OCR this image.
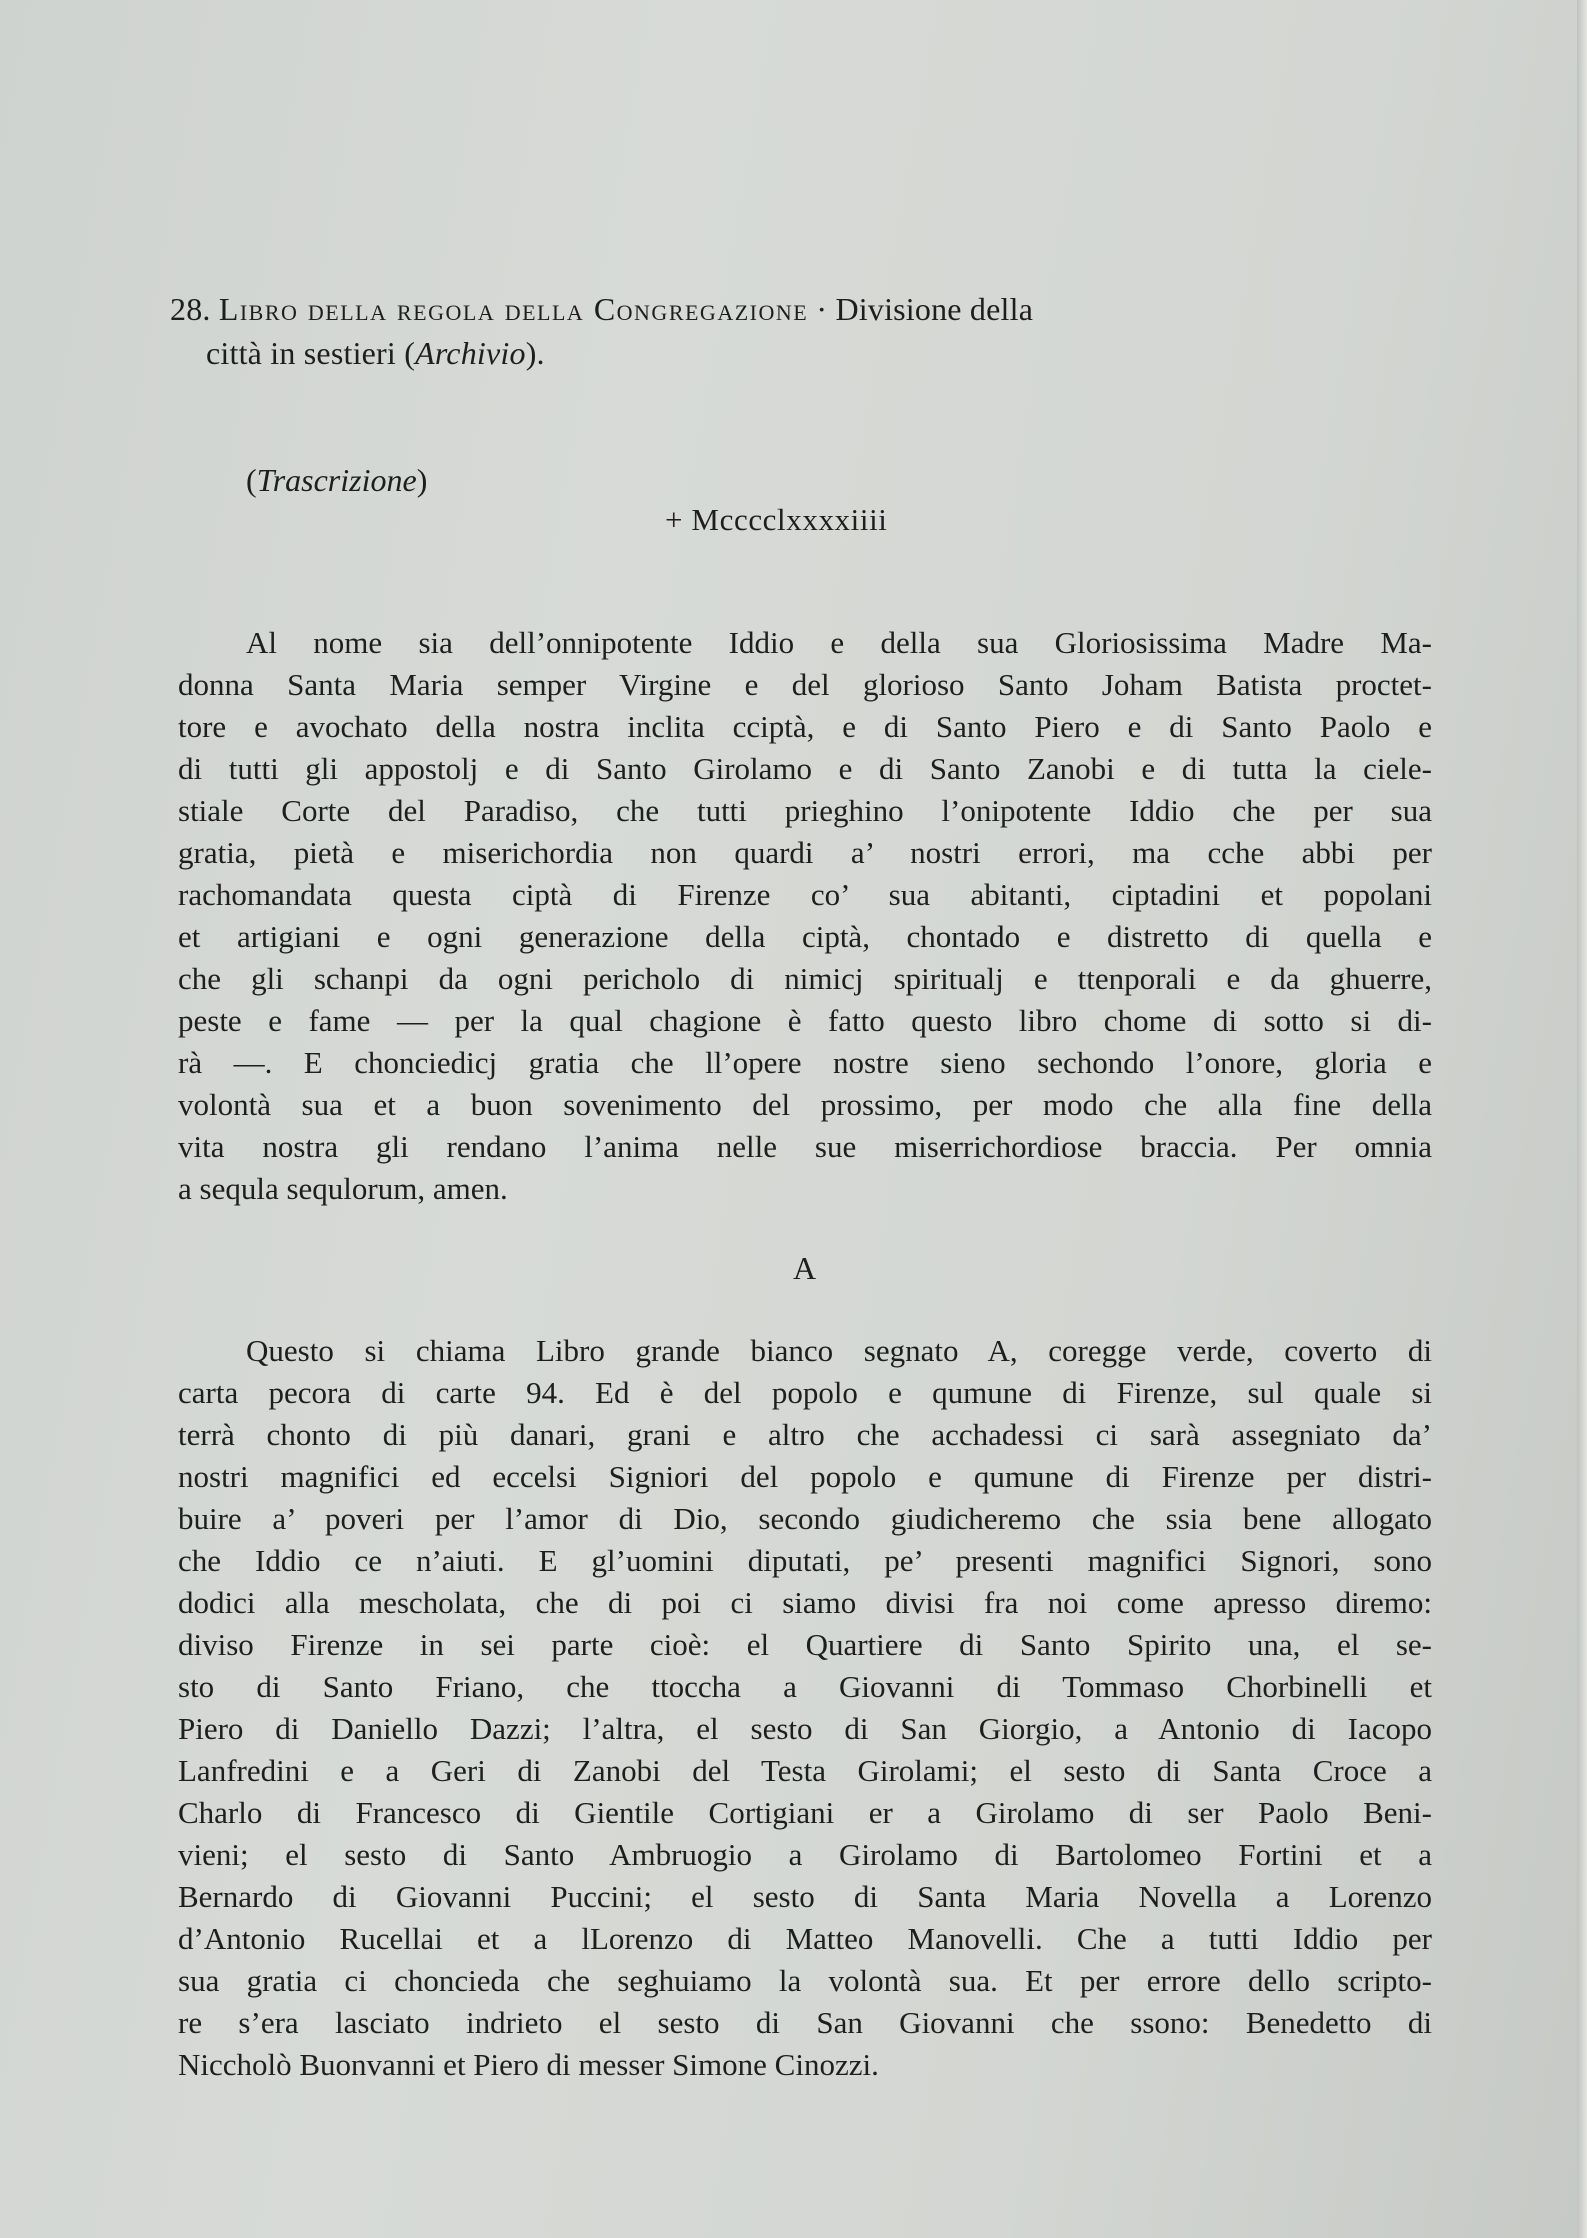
28. Libro della regola della Congregazione · Divisione della
città in sestieri (Archivio).
(Trascrizione)
+ Mcccclxxxxiiii
Al nome sia dell’onnipotente Iddio e della sua Gloriosissima Madre Ma-
donna Santa Maria semper Virgine e del glorioso Santo Joham Batista proctet-
tore e avochato della nostra inclita cciptà, e di Santo Piero e di Santo Paolo e
di tutti gli appostolj e di Santo Girolamo e di Santo Zanobi e di tutta la ciele-
stiale Corte del Paradiso, che tutti prieghino l’onipotente Iddio che per sua
gratia, pietà e miserichordia non quardi a’ nostri errori, ma cche abbi per
rachomandata questa ciptà di Firenze co’ sua abitanti, ciptadini et popolani
et artigiani e ogni generazione della ciptà, chontado e distretto di quella e
che gli schanpi da ogni pericholo di nimicj spiritualj e ttenporali e da ghuerre,
peste e fame — per la qual chagione è fatto questo libro chome di sotto si di-
rà —. E chonciedicj gratia che ll’opere nostre sieno sechondo l’onore, gloria e
volontà sua et a buon sovenimento del prossimo, per modo che alla fine della
vita nostra gli rendano l’anima nelle sue miserrichordiose braccia. Per omnia
a sequla sequlorum, amen.
A
Questo si chiama Libro grande bianco segnato A, coregge verde, coverto di
carta pecora di carte 94. Ed è del popolo e qumune di Firenze, sul quale si
terrà chonto di più danari, grani e altro che acchadessi ci sarà assegniato da’
nostri magnifici ed eccelsi Signiori del popolo e qumune di Firenze per distri-
buire a’ poveri per l’amor di Dio, secondo giudicheremo che ssia bene allogato
che Iddio ce n’aiuti. E gl’uomini diputati, pe’ presenti magnifici Signori, sono
dodici alla mescholata, che di poi ci siamo divisi fra noi come apresso diremo:
diviso Firenze in sei parte cioè: el Quartiere di Santo Spirito una, el se-
sto di Santo Friano, che ttoccha a Giovanni di Tommaso Chorbinelli et
Piero di Daniello Dazzi; l’altra, el sesto di San Giorgio, a Antonio di Iacopo
Lanfredini e a Geri di Zanobi del Testa Girolami; el sesto di Santa Croce a
Charlo di Francesco di Gientile Cortigiani er a Girolamo di ser Paolo Beni-
vieni; el sesto di Santo Ambruogio a Girolamo di Bartolomeo Fortini et a
Bernardo di Giovanni Puccini; el sesto di Santa Maria Novella a Lorenzo
d’Antonio Rucellai et a lLorenzo di Matteo Manovelli. Che a tutti Iddio per
sua gratia ci choncieda che seghuiamo la volontà sua. Et per errore dello scripto-
re s’era lasciato indrieto el sesto di San Giovanni che ssono: Benedetto di
Niccholò Buonvanni et Piero di messer Simone Cinozzi.
